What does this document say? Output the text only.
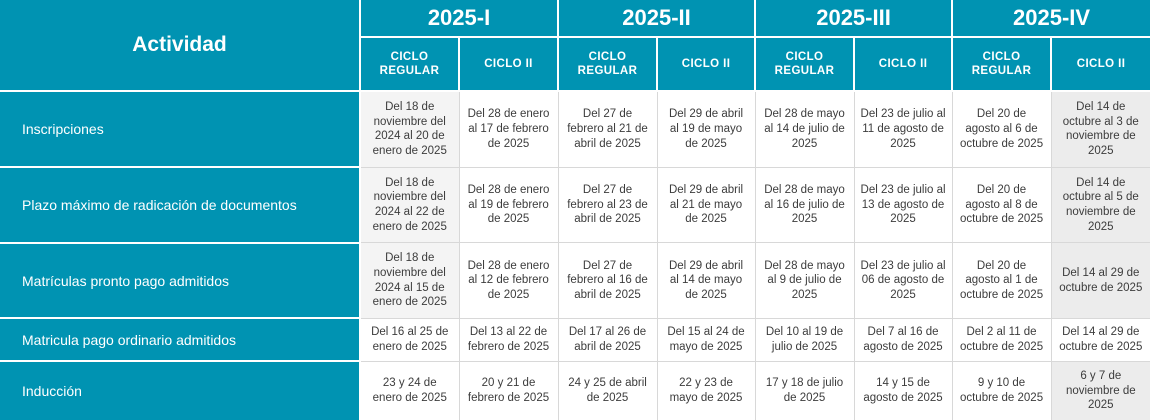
Actividad	2025-I		2025-II		2025-III		2025-IV	
	CICLO REGULAR	CICLO II	CICLO REGULAR	CICLO II	CICLO REGULAR	CICLO II	CICLO REGULAR	CICLO II
Inscripciones	Del 18 de noviembre del 2024 al 20 de enero de 2025	Del 28 de enero al 17 de febrero de 2025	Del 27 de febrero al 21 de abril de 2025	Del 29 de abril al 19 de mayo de 2025	Del 28 de mayo al 14 de julio de 2025	Del 23 de julio al 11 de agosto de 2025	Del 20 de agosto al 6 de octubre de 2025	Del 14 de octubre al 3 de noviembre de 2025
Plazo máximo de radicación de documentos	Del 18 de noviembre del 2024 al 22 de enero de 2025	Del 28 de enero al 19 de febrero de 2025	Del 27 de febrero al 23 de abril de 2025	Del 29 de abril al 21 de mayo de 2025	Del 28 de mayo al 16 de julio de 2025	Del 23 de julio al 13 de agosto de 2025	Del 20 de agosto al 8 de octubre de 2025	Del 14 de octubre al 5 de noviembre de 2025
Matrículas pronto pago admitidos	Del 18 de noviembre del 2024 al 15 de enero de 2025	Del 28 de enero al 12 de febrero de 2025	Del 27 de febrero al 16 de abril de 2025	Del 29 de abril al 14 de mayo de 2025	Del 28 de mayo al 9 de julio de 2025	Del 23 de julio al 06 de agosto de 2025	Del 20 de agosto al 1 de octubre de 2025	Del 14 al 29 de octubre de 2025
Matricula pago ordinario admitidos	Del 16 al 25 de enero de 2025	Del 13 al 22 de febrero de 2025	Del 17 al 26 de abril de 2025	Del 15 al 24 de mayo de 2025	Del 10 al 19 de julio de 2025	Del 7 al 16 de agosto de 2025	Del 2 al 11 de octubre de 2025	Del 14 al 29 de octubre de 2025
Inducción	23 y 24 de enero de 2025	20 y 21 de febrero de 2025	24 y 25 de abril de 2025	22 y 23 de mayo de 2025	17 y 18 de julio de 2025	14 y 15 de agosto de 2025	9 y 10 de octubre de 2025	6 y 7 de noviembre de 2025
